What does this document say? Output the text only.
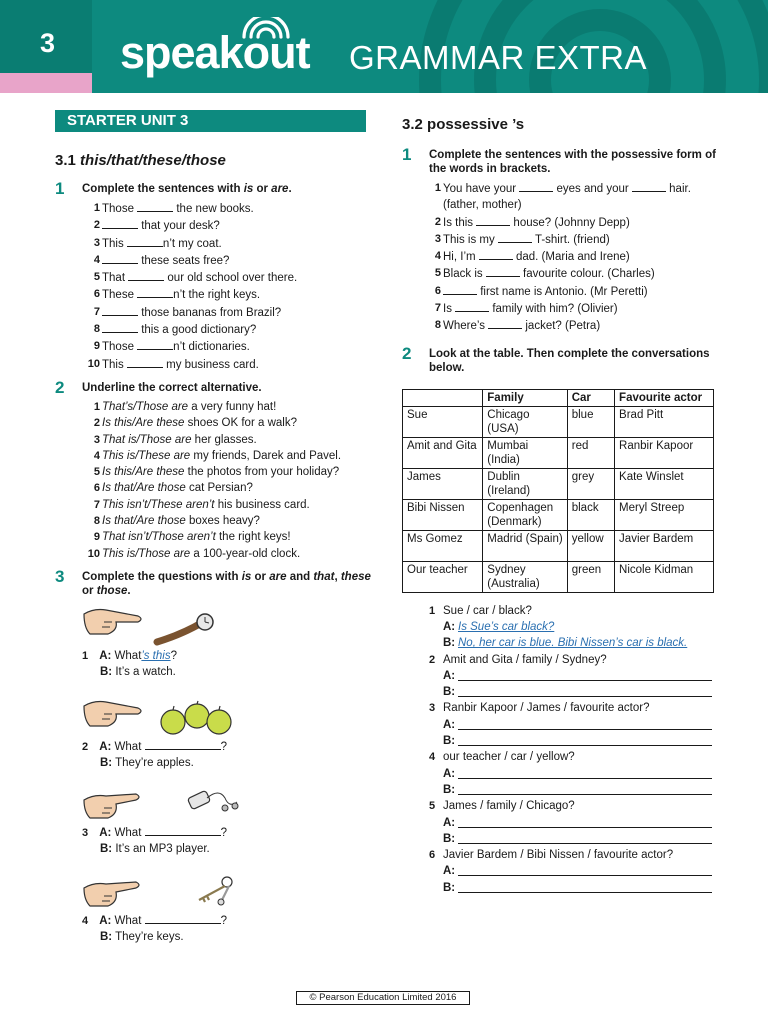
3 speakout GRAMMAR EXTRA
STARTER UNIT 3

3.1 this/that/these/those

1 Complete the sentences with is or are.
1 Those	the new books.
2	that your desk?
3 This	n’t my coat.
4	these seats free?
5 That	our old school over there.
6 These	n’t the right keys.
7	those bananas from Brazil?
8	this a good dictionary?
9 Those	n’t dictionaries.
10 This	my business card.
2 Underline the correct alternative.
1 That’s/Those are a very funny hat!
2 Is this/Are these shoes OK for a walk?
3 That is/Those are her glasses.
4 This is/These are my friends, Darek and Pavel.
5 Is this/Are these the photos from your holiday?
6 Is that/Are those cat Persian?
7 This isn’t/These aren’t his business card.
8 Is that/Are those boxes heavy?
9 That isn’t/Those aren’t the right keys!
10 This is/Those are a 100-year-old clock.
3 Complete the questions with is or are and that, these or those.
1 A: What’s this?
B: It’s a watch.
2 A: What	?
B: They’re apples.
3 A: What	?
B: It’s an MP3 player.
4 A: What	?
B: They’re keys.

3.2 possessive ’s

1 Complete the sentences with the possessive form of the words in brackets.
1 You have your	eyes and your	hair.
(father, mother)
2 Is this	house? (Johnny Depp)
3 This is my	T-shirt. (friend)
4 Hi, I’m	dad. (Maria and Irene)
5 Black is	favourite colour. (Charles)
6	first name is Antonio. (Mr Peretti)
7 Is	family with him? (Olivier)
8 Where’s	jacket? (Petra)
2 Look at the table. Then complete the conversations below.
	Family	Car	Favourite actor
Sue	Chicago (USA)	blue	Brad Pitt
Amit and Gita	Mumbai (India)	red	Ranbir Kapoor
James	Dublin (Ireland)	grey	Kate Winslet
Bibi Nissen	Copenhagen (Denmark)	black	Meryl Streep
Ms Gomez	Madrid (Spain)	yellow	Javier Bardem
Our teacher	Sydney (Australia)	green	Nicole Kidman
1 Sue / car / black?
A: Is Sue’s car black?
B: No, her car is blue. Bibi Nissen’s car is black.
2 Amit and Gita / family / Sydney?
A:
B:
3 Ranbir Kapoor / James / favourite actor?
A:
B:
4 our teacher / car / yellow?
A:
B:
5 James / family / Chicago?
A:
B:
6 Javier Bardem / Bibi Nissen / favourite actor?
A:
B:
© Pearson Education Limited 2016
